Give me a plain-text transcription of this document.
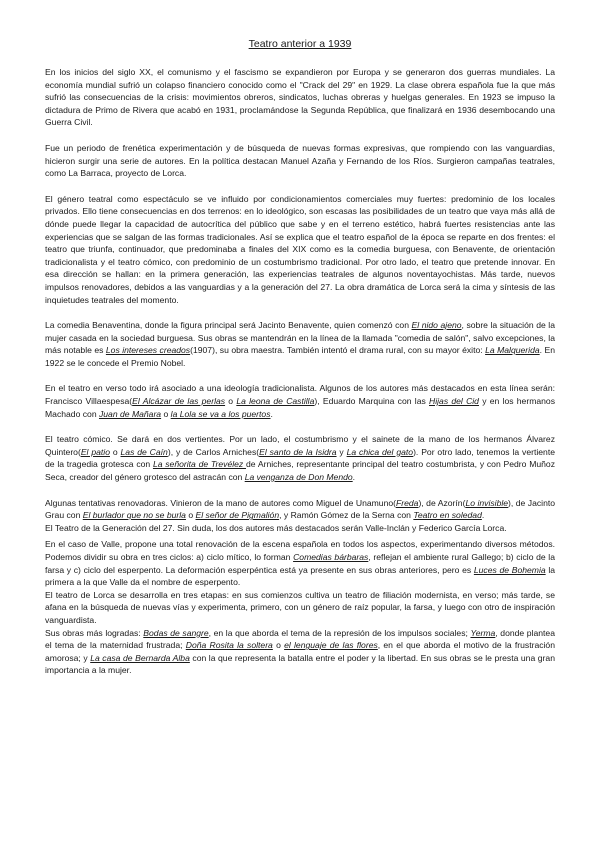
Teatro anterior a 1939

En los inicios del siglo XX, el comunismo y el fascismo se expandieron por Europa y se generaron dos guerras mundiales. La economía mundial sufrió un colapso financiero conocido como el "Crack del 29" en 1929. La clase obrera española fue la que más sufrió las consecuencias de la crisis: movimientos obreros, sindicatos, luchas obreras y huelgas generales. En 1923 se impuso la dictadura de Primo de Rivera que acabó en 1931, proclamándose la Segunda República, que finalizará en 1936 desembocando una Guerra Civil.

Fue un periodo de frenética experimentación y de búsqueda de nuevas formas expresivas, que rompiendo con las vanguardias, hicieron surgir una serie de autores. En la política destacan Manuel Azaña y Fernando de los Ríos. Surgieron campañas teatrales, como La Barraca, proyecto de Lorca.

El género teatral como espectáculo se ve influido por condicionamientos comerciales muy fuertes: predominio de los locales privados. Ello tiene consecuencias en dos terrenos: en lo ideológico, son escasas las posibilidades de un teatro que vaya más allá de dónde puede llegar la capacidad de autocrítica del público que sabe y en el terreno estético, habrá fuertes resistencias ante las experiencias que se salgan de las formas tradicionales. Así se explica que el teatro español de la época se reparte en dos frentes: el teatro que triunfa, continuador, que predominaba a finales del XIX como es la comedia burguesa, con Benavente, de orientación tradicionalista y el teatro cómico, con predominio de un costumbrismo tradicional. Por otro lado, el teatro que pretende innovar. En esa dirección se hallan: en la primera generación, las experiencias teatrales de algunos noventayochistas. Más tarde, nuevos impulsos renovadores, debidos a las vanguardias y a la generación del 27. La obra dramática de Lorca será la cima y síntesis de las inquietudes teatrales del momento.

La comedia Benaventina, donde la figura principal será Jacinto Benavente, quien comenzó con El nido ajeno, sobre la situación de la mujer casada en la sociedad burguesa. Sus obras se mantendrán en la línea de la llamada "comedia de salón", salvo excepciones, la más notable es Los intereses creados(1907), su obra maestra. También intentó el drama rural, con su mayor éxito: La Malquerida. En 1922 se le concede el Premio Nobel.

En el teatro en verso todo irá asociado a una ideología tradicionalista. Algunos de los autores más destacados en esta línea serán: Francisco Villaespesa(El Alcázar de las perlas o La leona de Castilla), Eduardo Marquina con las Hijas del Cid y en los hermanos Machado con Juan de Mañara o la Lola se va a los puertos.

El teatro cómico. Se dará en dos vertientes. Por un lado, el costumbrismo y el sainete de la mano de los hermanos Álvarez Quintero(El patio o Las de Caín), y de Carlos Arniches(El santo de la Isidra y La chica del gato). Por otro lado, tenemos la vertiente de la tragedia grotesca con La señorita de Trevélez de Arniches, representante principal del teatro costumbrista, y con Pedro Muñoz Seca, creador del género grotesco del astracán con La venganza de Don Mendo.

Algunas tentativas renovadoras. Vinieron de la mano de autores como Miguel de Unamuno(Freda), de Azorín(Lo invisible), de Jacinto Grau con El burlador que no se burla o El señor de Pigmalión, y Ramón Gómez de la Serna con Teatro en soledad.

El Teatro de la Generación del 27. Sin duda, los dos autores más destacados serán Valle-Inclán y Federico García Lorca.

En el caso de Valle, propone una total renovación de la escena española en todos los aspectos, experimentando diversos métodos. Podemos dividir su obra en tres ciclos: a) ciclo mítico, lo forman Comedias bárbaras, reflejan el ambiente rural Gallego; b) ciclo de la farsa y c) ciclo del esperpento. La deformación esperpéntica está ya presente en sus obras anteriores, pero es Luces de Bohemia la primera a la que Valle da el nombre de esperpento.

El teatro de Lorca se desarrolla en tres etapas: en sus comienzos cultiva un teatro de filiación modernista, en verso; más tarde, se afana en la búsqueda de nuevas vías y experimenta, primero, con un género de raíz popular, la farsa, y luego con otro de inspiración vanguardista.

Sus obras más logradas: Bodas de sangre, en la que aborda el tema de la represión de los impulsos sociales; Yerma, donde plantea el tema de la maternidad frustrada; Doña Rosita la soltera o el lenguaje de las flores, en el que aborda el motivo de la frustración amorosa; y La casa de Bernarda Alba con la que representa la batalla entre el poder y la libertad. En sus obras se le presta una gran importancia a la mujer.
